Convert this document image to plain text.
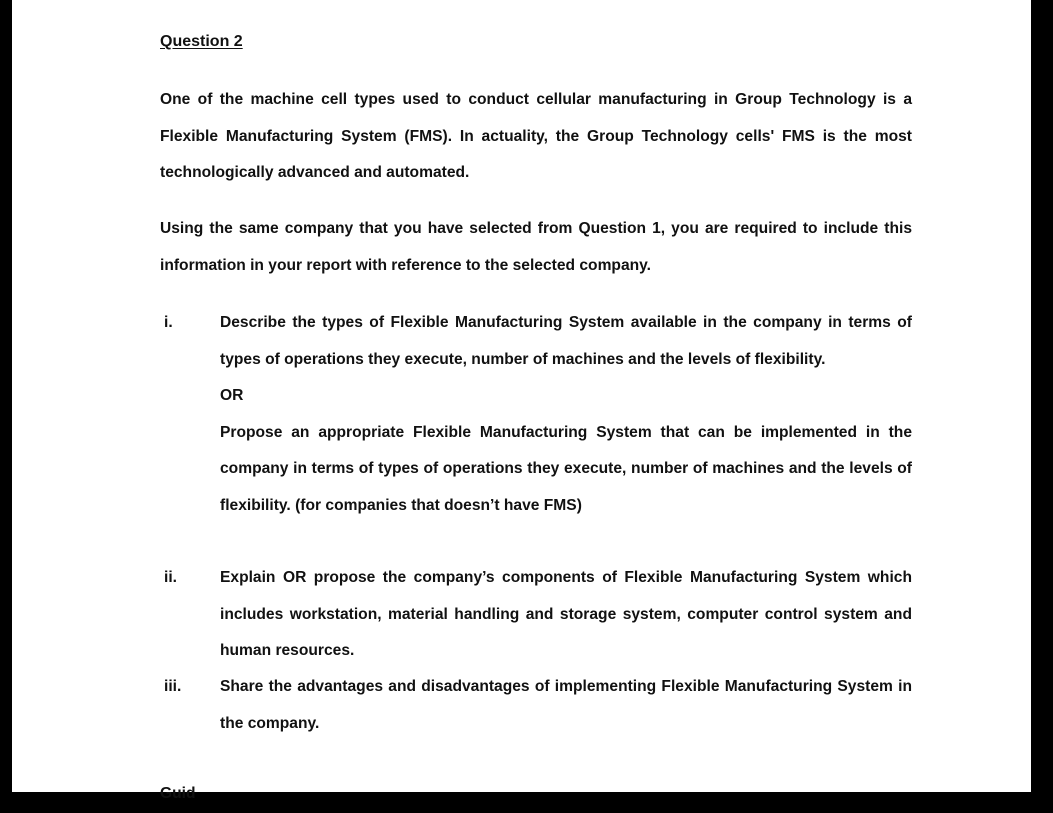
Question 2
One of the machine cell types used to conduct cellular manufacturing in Group Technology is a Flexible Manufacturing System (FMS). In actuality, the Group Technology cells' FMS is the most technologically advanced and automated.
Using the same company that you have selected from Question 1, you are required to include this information in your report with reference to the selected company.
i.	Describe the types of Flexible Manufacturing System available in the company in terms of types of operations they execute, number of machines and the levels of flexibility.
OR
Propose an appropriate Flexible Manufacturing System that can be implemented in the company in terms of types of operations they execute, number of machines and the levels of flexibility. (for companies that doesn’t have FMS)
ii.	Explain OR propose the company’s components of Flexible Manufacturing System which includes workstation, material handling and storage system, computer control system and human resources.
iii.	Share the advantages and disadvantages of implementing Flexible Manufacturing System in the company.
Guid
